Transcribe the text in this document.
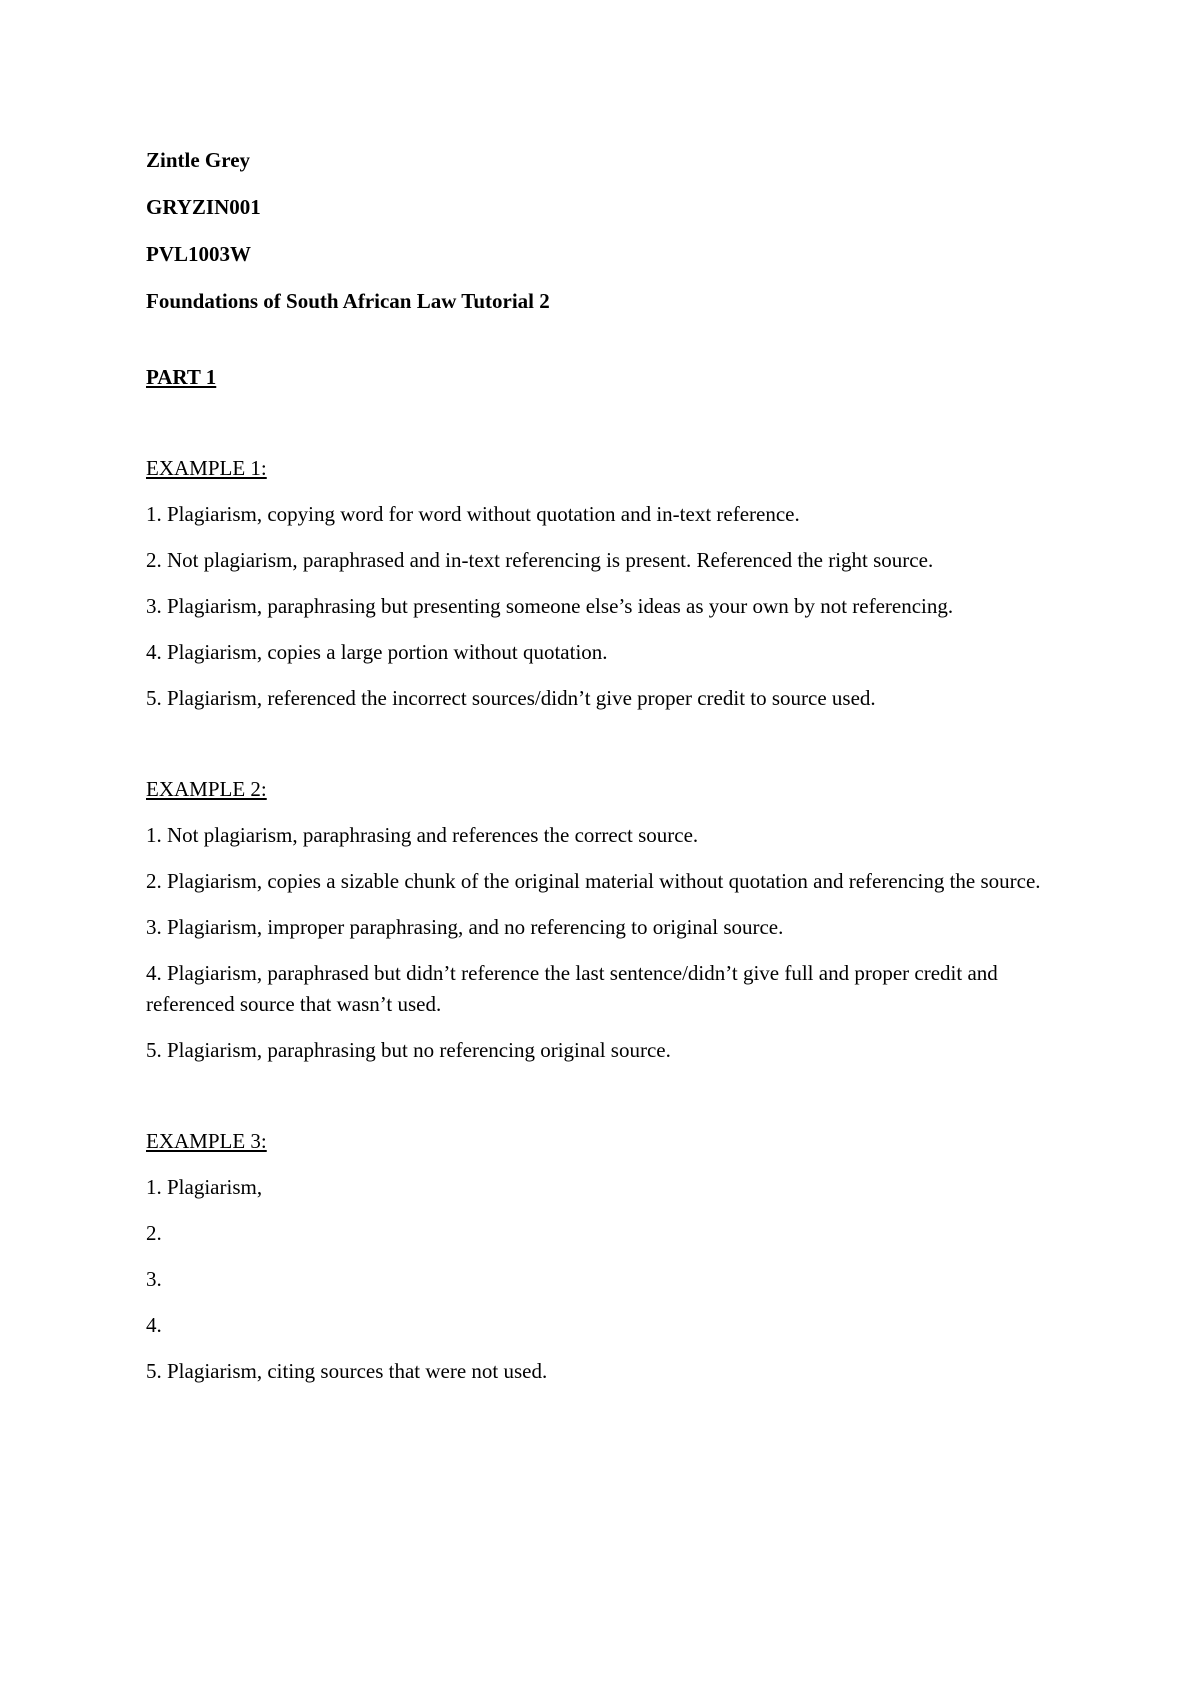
Zintle Grey
GRYZIN001
PVL1003W
Foundations of South African Law Tutorial 2
PART 1
EXAMPLE 1:
1. Plagiarism, copying word for word without quotation and in-text reference.
2. Not plagiarism, paraphrased and in-text referencing is present. Referenced the right source.
3. Plagiarism, paraphrasing but presenting someone else’s ideas as your own by not referencing.
4. Plagiarism, copies a large portion without quotation.
5. Plagiarism, referenced the incorrect sources/didn’t give proper credit to source used.
EXAMPLE 2:
1. Not plagiarism, paraphrasing and references the correct source.
2. Plagiarism, copies a sizable chunk of the original material without quotation and referencing the source.
3. Plagiarism, improper paraphrasing, and no referencing to original source.
4. Plagiarism, paraphrased but didn’t reference the last sentence/didn’t give full and proper credit and referenced source that wasn’t used.
5. Plagiarism, paraphrasing but no referencing original source.
EXAMPLE 3:
1. Plagiarism,
2.
3.
4.
5. Plagiarism, citing sources that were not used.
